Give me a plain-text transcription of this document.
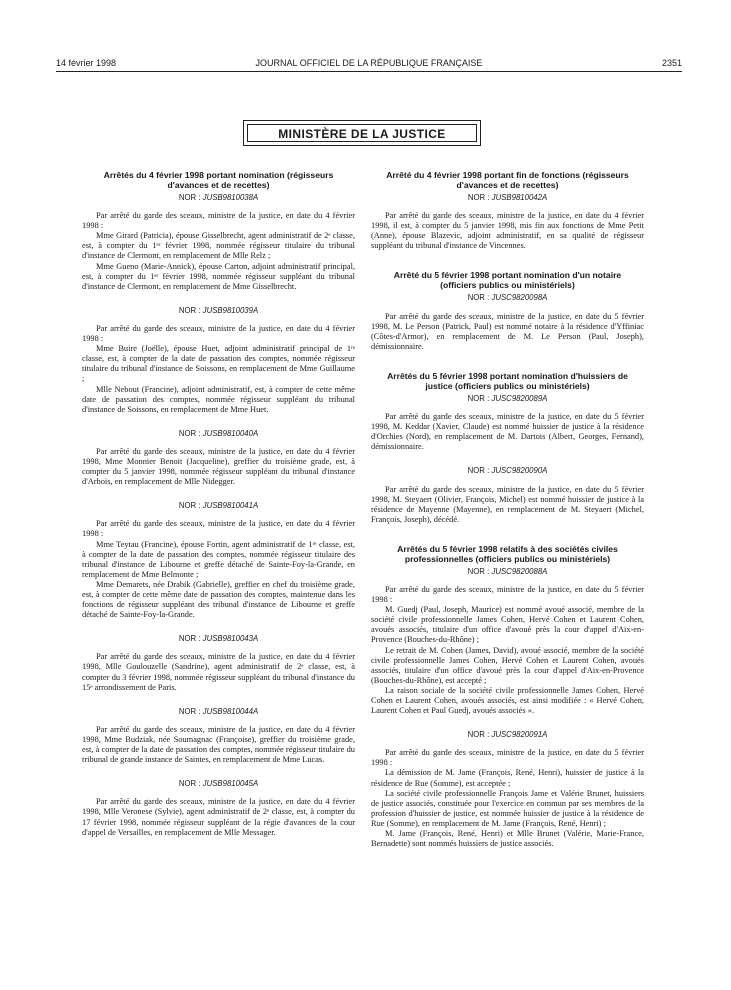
14 février 1998	JOURNAL OFFICIEL DE LA RÉPUBLIQUE FRANÇAISE	2351
MINISTÈRE DE LA JUSTICE
Arrêtés du 4 février 1998 portant nomination (régisseurs d'avances et de recettes)
NOR : JUSB9810038A

Par arrêté du garde des sceaux, ministre de la justice, en date du 4 février 1998 :

Mme Girard (Patricia), épouse Gisselbrecht, agent administratif de 2ᵉ classe, est, à compter du 1ᵉʳ février 1998, nommée régisseur titulaire du tribunal d'instance de Clermont, en remplacement de Mlle Relz ;

Mme Gueno (Marie-Annick), épouse Carton, adjoint administratif principal, est, à compter du 1ᵉʳ février 1998, nommée régisseur suppléant du tribunal d'instance de Clermont, en remplacement de Mme Gisselbrecht.

NOR : JUSB9810039A

Par arrêté du garde des sceaux, ministre de la justice, en date du 4 février 1998 :

Mme Buire (Joëlle), épouse Huet, adjoint administratif principal de 1ʳᵉ classe, est, à compter de la date de passation des comptes, nommée régisseur titulaire du tribunal d'instance de Soissons, en remplacement de Mme Guillaume ;

Mlle Nebout (Francine), adjoint administratif, est, à compter de cette même date de passation des comptes, nommée régisseur suppléant du tribunal d'instance de Soissons, en remplacement de Mme Huet.

NOR : JUSB9810040A

Par arrêté du garde des sceaux, ministre de la justice, en date du 4 février 1998, Mme Monnier Benoit (Jacqueline), greffier du troisième grade, est, à compter du 5 janvier 1998, nommée régisseur suppléant du tribunal d'instance d'Arbois, en remplacement de Mlle Nidegger.

NOR : JUSB9810041A

Par arrêté du garde des sceaux, ministre de la justice, en date du 4 février 1998 :

Mme Teytau (Francine), épouse Fortin, agent administratif de 1ʳᵉ classe, est, à compter de la date de passation des comptes, nommée régisseur titulaire des tribunal d'instance de Libourne et greffe détaché de Sainte-Foy-la-Grande, en remplacement de Mme Belmonte ;

Mme Demarets, née Drabik (Gabrielle), greffier en chef du troisième grade, est, à compter de cette même date de passation des comptes, maintenue dans les fonctions de régisseur suppléant des tribunal d'instance de Libourne et greffe détaché de Sainte-Foy-la-Grande.

NOR : JUSB9810043A

Par arrêté du garde des sceaux, ministre de la justice, en date du 4 février 1998, Mlle Goulouzelle (Sandrine), agent administratif de 2ᵉ classe, est, à compter du 3 février 1998, nommée régisseur suppléant du tribunal d'instance du 15ᵉ arrondissement de Paris.

NOR : JUSB9810044A

Par arrêté du garde des sceaux, ministre de la justice, en date du 4 février 1998, Mme Budziak, née Soumagnac (Françoise), greffier du troisième grade, est, à compter de la date de passation des comptes, nommée régisseur titulaire du tribunal de grande instance de Saintes, en remplacement de Mme Lucas.

NOR : JUSB9810045A

Par arrêté du garde des sceaux, ministre de la justice, en date du 4 février 1998, Mlle Veronese (Sylvie), agent administratif de 2ᵉ classe, est, à compter du 17 février 1998, nommée régisseur suppléant de la régie d'avances de la cour d'appel de Versailles, en remplacement de Mlle Messager.

Arrêté du 4 février 1998 portant fin de fonctions (régisseurs d'avances et de recettes)
NOR : JUSB9810042A

Par arrêté du garde des sceaux, ministre de la justice, en date du 4 février 1998, il est, à compter du 5 janvier 1998, mis fin aux fonctions de Mme Petit (Anne), épouse Blazevic, adjoint administratif, en sa qualité de régisseur suppléant du tribunal d'instance de Vincennes.

Arrêté du 5 février 1998 portant nomination d'un notaire (officiers publics ou ministériels)
NOR : JUSC9820098A

Par arrêté du garde des sceaux, ministre de la justice, en date du 5 février 1998, M. Le Person (Patrick, Paul) est nommé notaire à la résidence d'Yffiniac (Côtes-d'Armor), en remplacement de M. Le Person (Paul, Joseph), démissionnaire.

Arrêtés du 5 février 1998 portant nomination d'huissiers de justice (officiers publics ou ministériels)
NOR : JUSC9820089A

Par arrêté du garde des sceaux, ministre de la justice, en date du 5 février 1998, M. Keddar (Xavier, Claude) est nommé huissier de justice à la résidence d'Orchies (Nord), en remplacement de M. Dartois (Albert, Georges, Fernand), démissionnaire.

NOR : JUSC9820090A

Par arrêté du garde des sceaux, ministre de la justice, en date du 5 février 1998, M. Steyaert (Olivier, François, Michel) est nommé huissier de justice à la résidence de Mayenne (Mayenne), en remplacement de M. Steyaert (Michel, François, Joseph), décédé.

Arrêtés du 5 février 1998 relatifs à des sociétés civiles professionnelles (officiers publics ou ministériels)
NOR : JUSC9820088A

Par arrêté du garde des sceaux, ministre de la justice, en date du 5 février 1998 :

M. Guedj (Paul, Joseph, Maurice) est nommé avoué associé, membre de la société civile professionnelle James Cohen, Hervé Cohen et Laurent Cohen, avoués associés, titulaire d'un office d'avoué près la cour d'appel d'Aix-en-Provence (Bouches-du-Rhône) ;

Le retrait de M. Cohen (James, David), avoué associé, membre de la société civile professionnelle James Cohen, Hervé Cohen et Laurent Cohen, avoués associés, titulaire d'un office d'avoué près la cour d'appel d'Aix-en-Provence (Bouches-du-Rhône), est accepté ;

La raison sociale de la société civile professionnelle James Cohen, Hervé Cohen et Laurent Cohen, avoués associés, est ainsi modifiée : « Hervé Cohen, Laurent Cohen et Paul Guedj, avoués associés ».

NOR : JUSC9820091A

Par arrêté du garde des sceaux, ministre de la justice, en date du 5 février 1998 :

La démission de M. Jame (François, René, Henri), huissier de justice à la résidence de Rue (Somme), est acceptée ;

La société civile professionnelle François Jame et Valérie Brunet, huissiers de justice associés, constituée pour l'exercice en commun par ses membres de la profession d'huissier de justice, est nommée huissier de justice à la résidence de Rue (Somme), en remplacement de M. Jame (François, René, Henri) ;

M. Jame (François, René, Henri) et Mlle Brunet (Valérie, Marie-France, Bernadette) sont nommés huissiers de justice associés.
